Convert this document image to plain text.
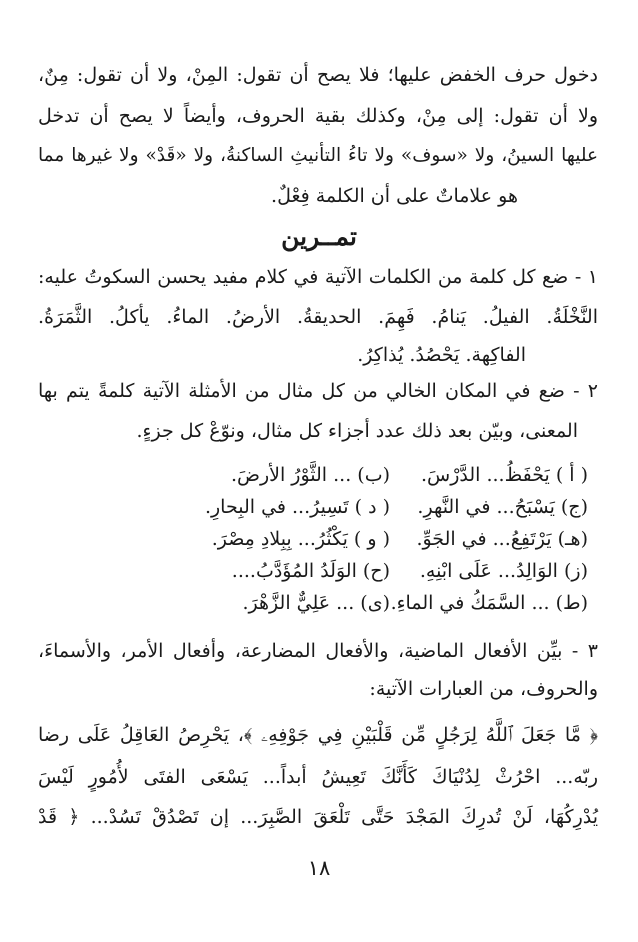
دخول حرف الخفض عليها؛ فلا يصح أن تقول: المِنْ، ولا أن تقول: مِنٌ،
ولا أن تقول: إلى مِنْ، وكذلك بقية الحروف، وأيضاً لا يصح أن تدخل
عليها السينُ، ولا «سوف» ولا تاءُ التأنيثِ الساكنةُ، ولا «قَدْ» ولا غيرها مما
هو علاماتٌ على أن الكلمة فِعْلٌ.
تمــرين
١ - ضع كل كلمة من الكلمات الآتية في كلام مفيد يحسن السكوتُ عليه:
النَّخْلَةُ. الفيلُ. يَنامُ. فَهِمَ. الحديقةُ. الأرضُ. الماءُ. يأكلُ. الثَّمَرَةُ.
الفاكِهة. يَحْصُدُ. يُذاكِرُ.
٢ - ضع في المكان الخالي من كل مثال من الأمثلة الآتية كلمةً يتم بها
المعنى، وبيّن بعد ذلك عدد أجزاء كل مثال، ونوّعْ كل جزءٍ.
( أ ) يَحْفَظُ... الدَّرْسَ.
(ب) ... الثَّوْرُ الأرضَ.
(ج) يَسْبَحُ... في النَّهرِ.
( د ) تَسِيرُ... في البِحارِ.
(هـ) يَرْتَفِعُ... في الجَوِّ.
( و ) يَكْثُرُ... بِبِلادِ مِصْرَ.
(ز) الوَالِدُ... عَلَى ابْنِهِ.
(ح) الوَلَدُ المُؤَدَّبُ....
(ط) ... السَّمَكُ في الماءِ.
(ى) ... عَلِيٌّ الزَّهْرَ.
٣ - بيِّن الأفعال الماضية، والأفعال المضارعة، وأفعال الأمر، والأسماءَ،
والحروف، من العبارات الآتية:
﴿ مَّا جَعَلَ ٱللَّهُ لِرَجُلٍ مِّن قَلْبَيْنِ فِي جَوْفِهِۦ ﴾، يَحْرِصُ العَاقِلُ عَلَى رضا
ربّه... احْرُثْ لِدُنْيَاكَ كَأَنَّكَ تَعِيشُ أبداً... يَسْعَى الفتَى لأُمُورٍ لَيْسَ
يُدْرِكُهَا، لَنْ تُدرِكَ المَجْدَ حَتَّى تَلْعَقَ الصَّبِرَ... إن تَصْدُقْ تَسُدْ... ﴿ قَدْ
١٨
